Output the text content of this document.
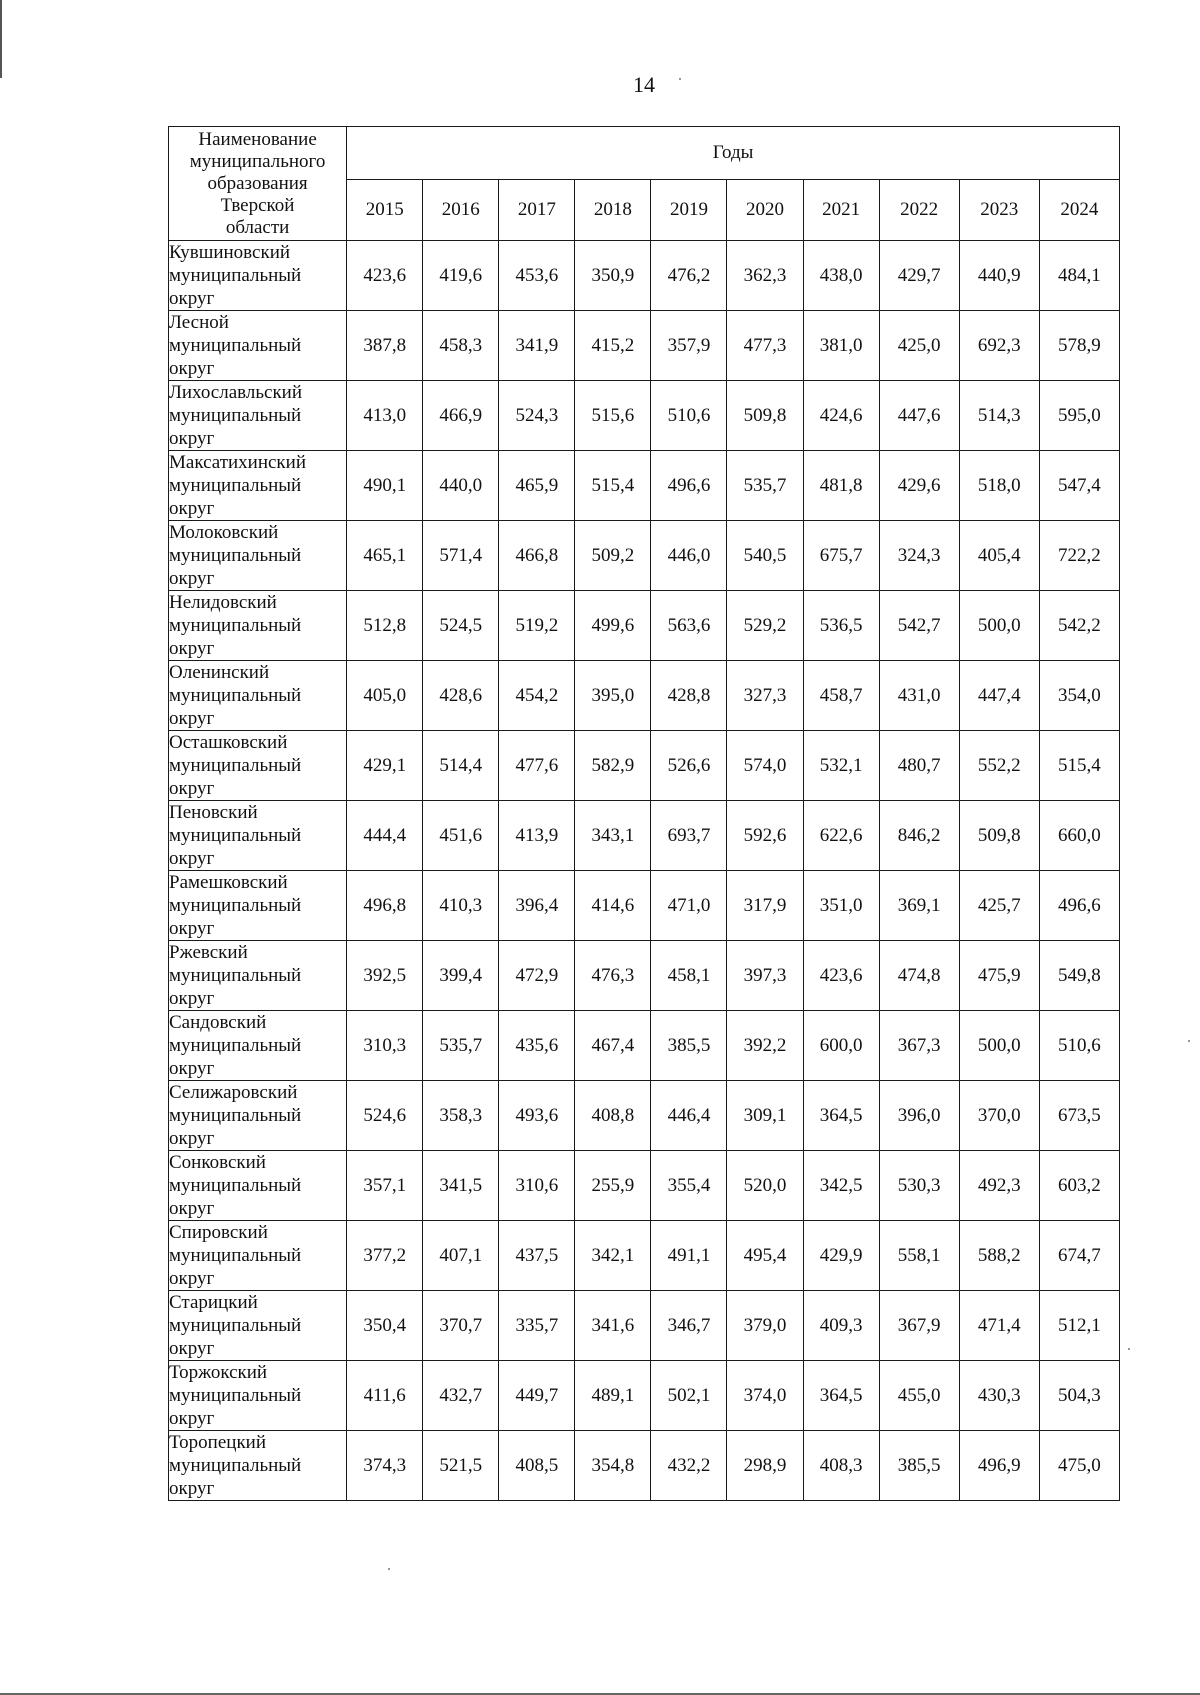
14
Наименование
муниципального
образования
Тверской
области	Годы									
	2015	2016	2017	2018	2019	2020	2021	2022	2023	2024

Кувшиновский
муниципальный
округ	423,6	419,6	453,6	350,9	476,2	362,3	438,0	429,7	440,9	484,1

Лесной
муниципальный
округ	387,8	458,3	341,9	415,2	357,9	477,3	381,0	425,0	692,3	578,9

Лихославльский
муниципальный
округ	413,0	466,9	524,3	515,6	510,6	509,8	424,6	447,6	514,3	595,0

Максатихинский
муниципальный
округ	490,1	440,0	465,9	515,4	496,6	535,7	481,8	429,6	518,0	547,4

Молоковский
муниципальный
округ	465,1	571,4	466,8	509,2	446,0	540,5	675,7	324,3	405,4	722,2

Нелидовский
муниципальный
округ	512,8	524,5	519,2	499,6	563,6	529,2	536,5	542,7	500,0	542,2

Оленинский
муниципальный
округ	405,0	428,6	454,2	395,0	428,8	327,3	458,7	431,0	447,4	354,0

Осташковский
муниципальный
округ	429,1	514,4	477,6	582,9	526,6	574,0	532,1	480,7	552,2	515,4

Пеновский
муниципальный
округ	444,4	451,6	413,9	343,1	693,7	592,6	622,6	846,2	509,8	660,0

Рамешковский
муниципальный
округ	496,8	410,3	396,4	414,6	471,0	317,9	351,0	369,1	425,7	496,6

Ржевский
муниципальный
округ	392,5	399,4	472,9	476,3	458,1	397,3	423,6	474,8	475,9	549,8

Сандовский
муниципальный
округ	310,3	535,7	435,6	467,4	385,5	392,2	600,0	367,3	500,0	510,6

Селижаровский
муниципальный
округ	524,6	358,3	493,6	408,8	446,4	309,1	364,5	396,0	370,0	673,5

Сонковский
муниципальный
округ	357,1	341,5	310,6	255,9	355,4	520,0	342,5	530,3	492,3	603,2

Спировский
муниципальный
округ	377,2	407,1	437,5	342,1	491,1	495,4	429,9	558,1	588,2	674,7

Старицкий
муниципальный
округ	350,4	370,7	335,7	341,6	346,7	379,0	409,3	367,9	471,4	512,1

Торжокский
муниципальный
округ	411,6	432,7	449,7	489,1	502,1	374,0	364,5	455,0	430,3	504,3

Торопецкий
муниципальный
округ	374,3	521,5	408,5	354,8	432,2	298,9	408,3	385,5	496,9	475,0
